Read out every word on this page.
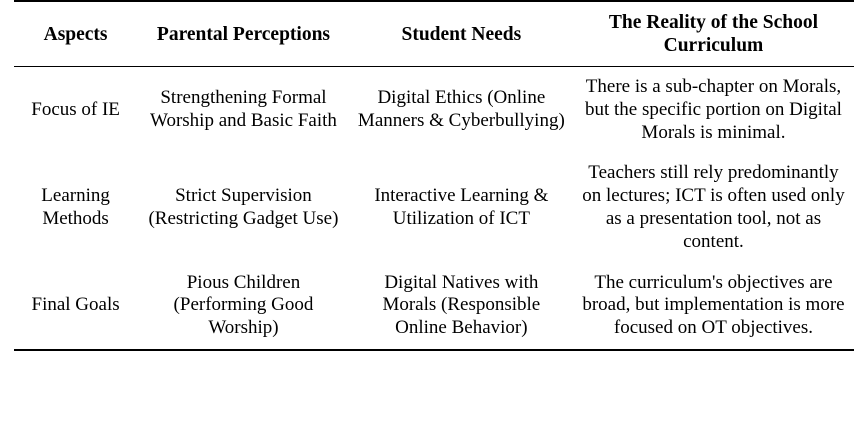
Aspects	Parental Perceptions	Student Needs	The Reality of the School Curriculum
Focus of IE	Strengthening Formal Worship and Basic Faith	Digital Ethics (Online Manners & Cyberbullying)	There is a sub-chapter on Morals, but the specific portion on Digital Morals is minimal.
Learning Methods	Strict Supervision (Restricting Gadget Use)	Interactive Learning & Utilization of ICT	Teachers still rely predominantly on lectures; ICT is often used only as a presentation tool, not as content.
Final Goals	Pious Children (Performing Good Worship)	Digital Natives with Morals (Responsible Online Behavior)	The curriculum's objectives are broad, but implementation is more focused on OT objectives.
